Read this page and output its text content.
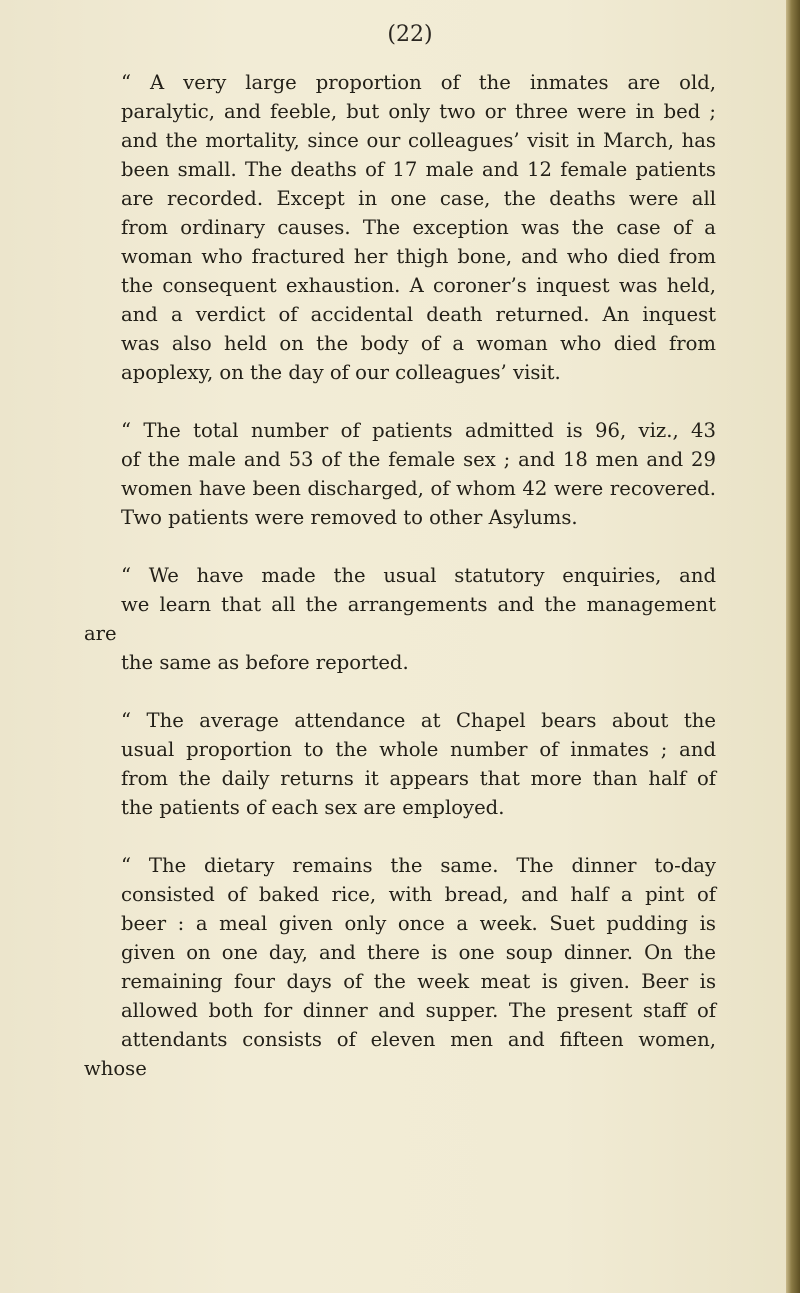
(22)

“ A very large proportion of the inmates are old,
paralytic, and feeble, but only two or three were in bed ;
and the mortality, since our colleagues’ visit in March, has
been small. The deaths of 17 male and 12 female patients
are recorded. Except in one case, the deaths were all
from ordinary causes. The exception was the case of a
woman who fractured her thigh bone, and who died from
the consequent exhaustion. A coroner’s inquest was held,
and a verdict of accidental death returned. An inquest
was also held on the body of a woman who died from
apoplexy, on the day of our colleagues’ visit.

“ The total number of patients admitted is 96, viz., 43
of the male and 53 of the female sex ; and 18 men and 29
women have been discharged, of whom 42 were recovered.
Two patients were removed to other Asylums.

“ We have made the usual statutory enquiries, and
we learn that all the arrangements and the management are
the same as before reported.

“ The average attendance at Chapel bears about the
usual proportion to the whole number of inmates ; and
from the daily returns it appears that more than half of
the patients of each sex are employed.

“ The dietary remains the same. The dinner to-day
consisted of baked rice, with bread, and half a pint of
beer : a meal given only once a week. Suet pudding is
given on one day, and there is one soup dinner. On the
remaining four days of the week meat is given. Beer is
allowed both for dinner and supper. The present staff of
attendants consists of eleven men and fifteen women, whose
